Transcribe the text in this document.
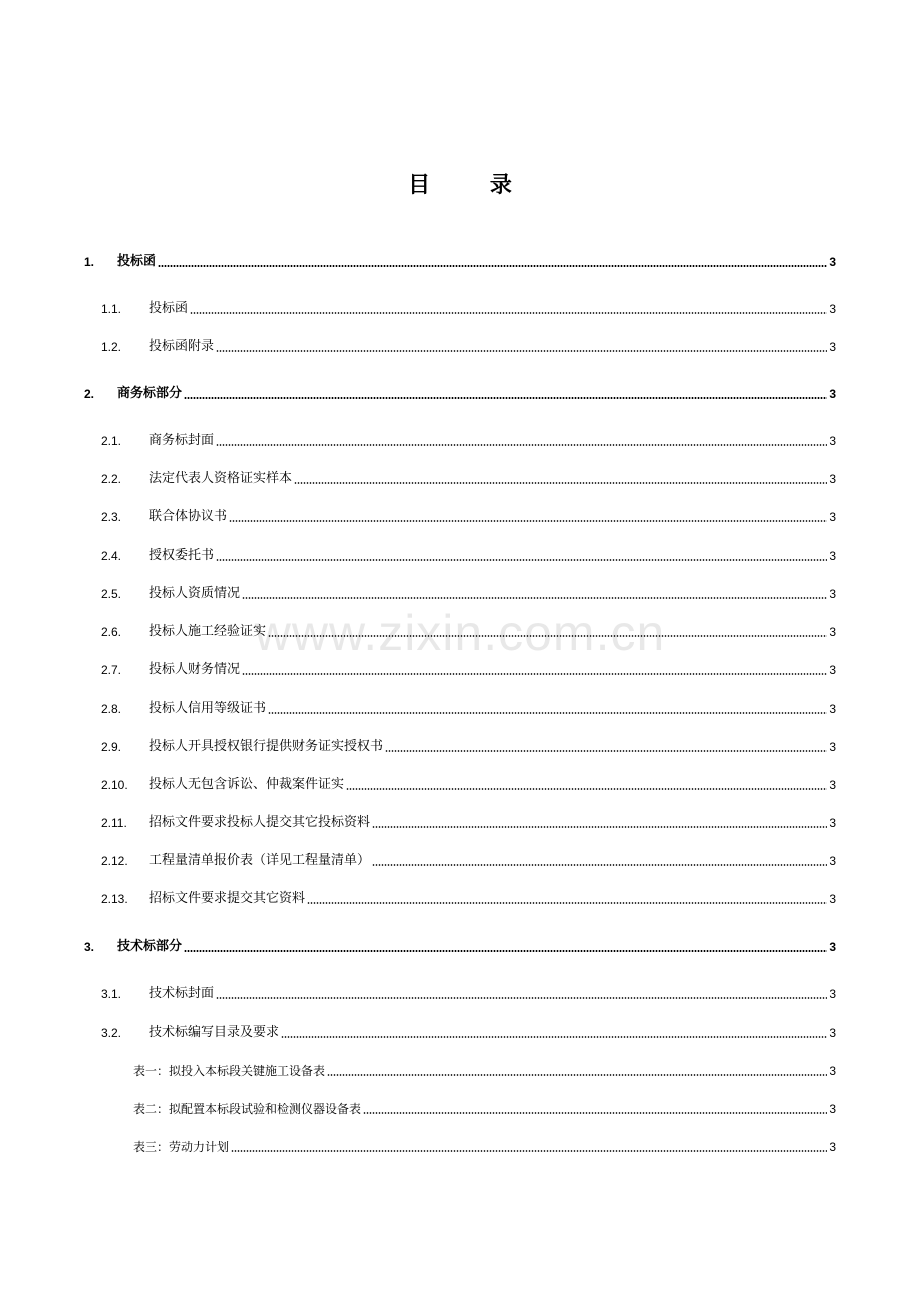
目 录
1.	投标函	3
1.1.	投标函	3
1.2.	投标函附录	3
2.	商务标部分	3
2.1.	商务标封面	3
2.2.	法定代表人资格证实样本	3
2.3.	联合体协议书	3
2.4.	授权委托书	3
2.5.	投标人资质情况	3
2.6.	投标人施工经验证实	3
2.7.	投标人财务情况	3
2.8.	投标人信用等级证书	3
2.9.	投标人开具授权银行提供财务证实授权书	3
2.10.	投标人无包含诉讼、仲裁案件证实	3
2.11.	招标文件要求投标人提交其它投标资料	3
2.12.	工程量清单报价表（详见工程量清单）	3
2.13.	招标文件要求提交其它资料	3
3.	技术标部分	3
3.1.	技术标封面	3
3.2.	技术标编写目录及要求	3
表一：拟投入本标段关键施工设备表	3
表二：拟配置本标段试验和检测仪器设备表	3
表三：劳动力计划	3
www.zixin.com.cn
